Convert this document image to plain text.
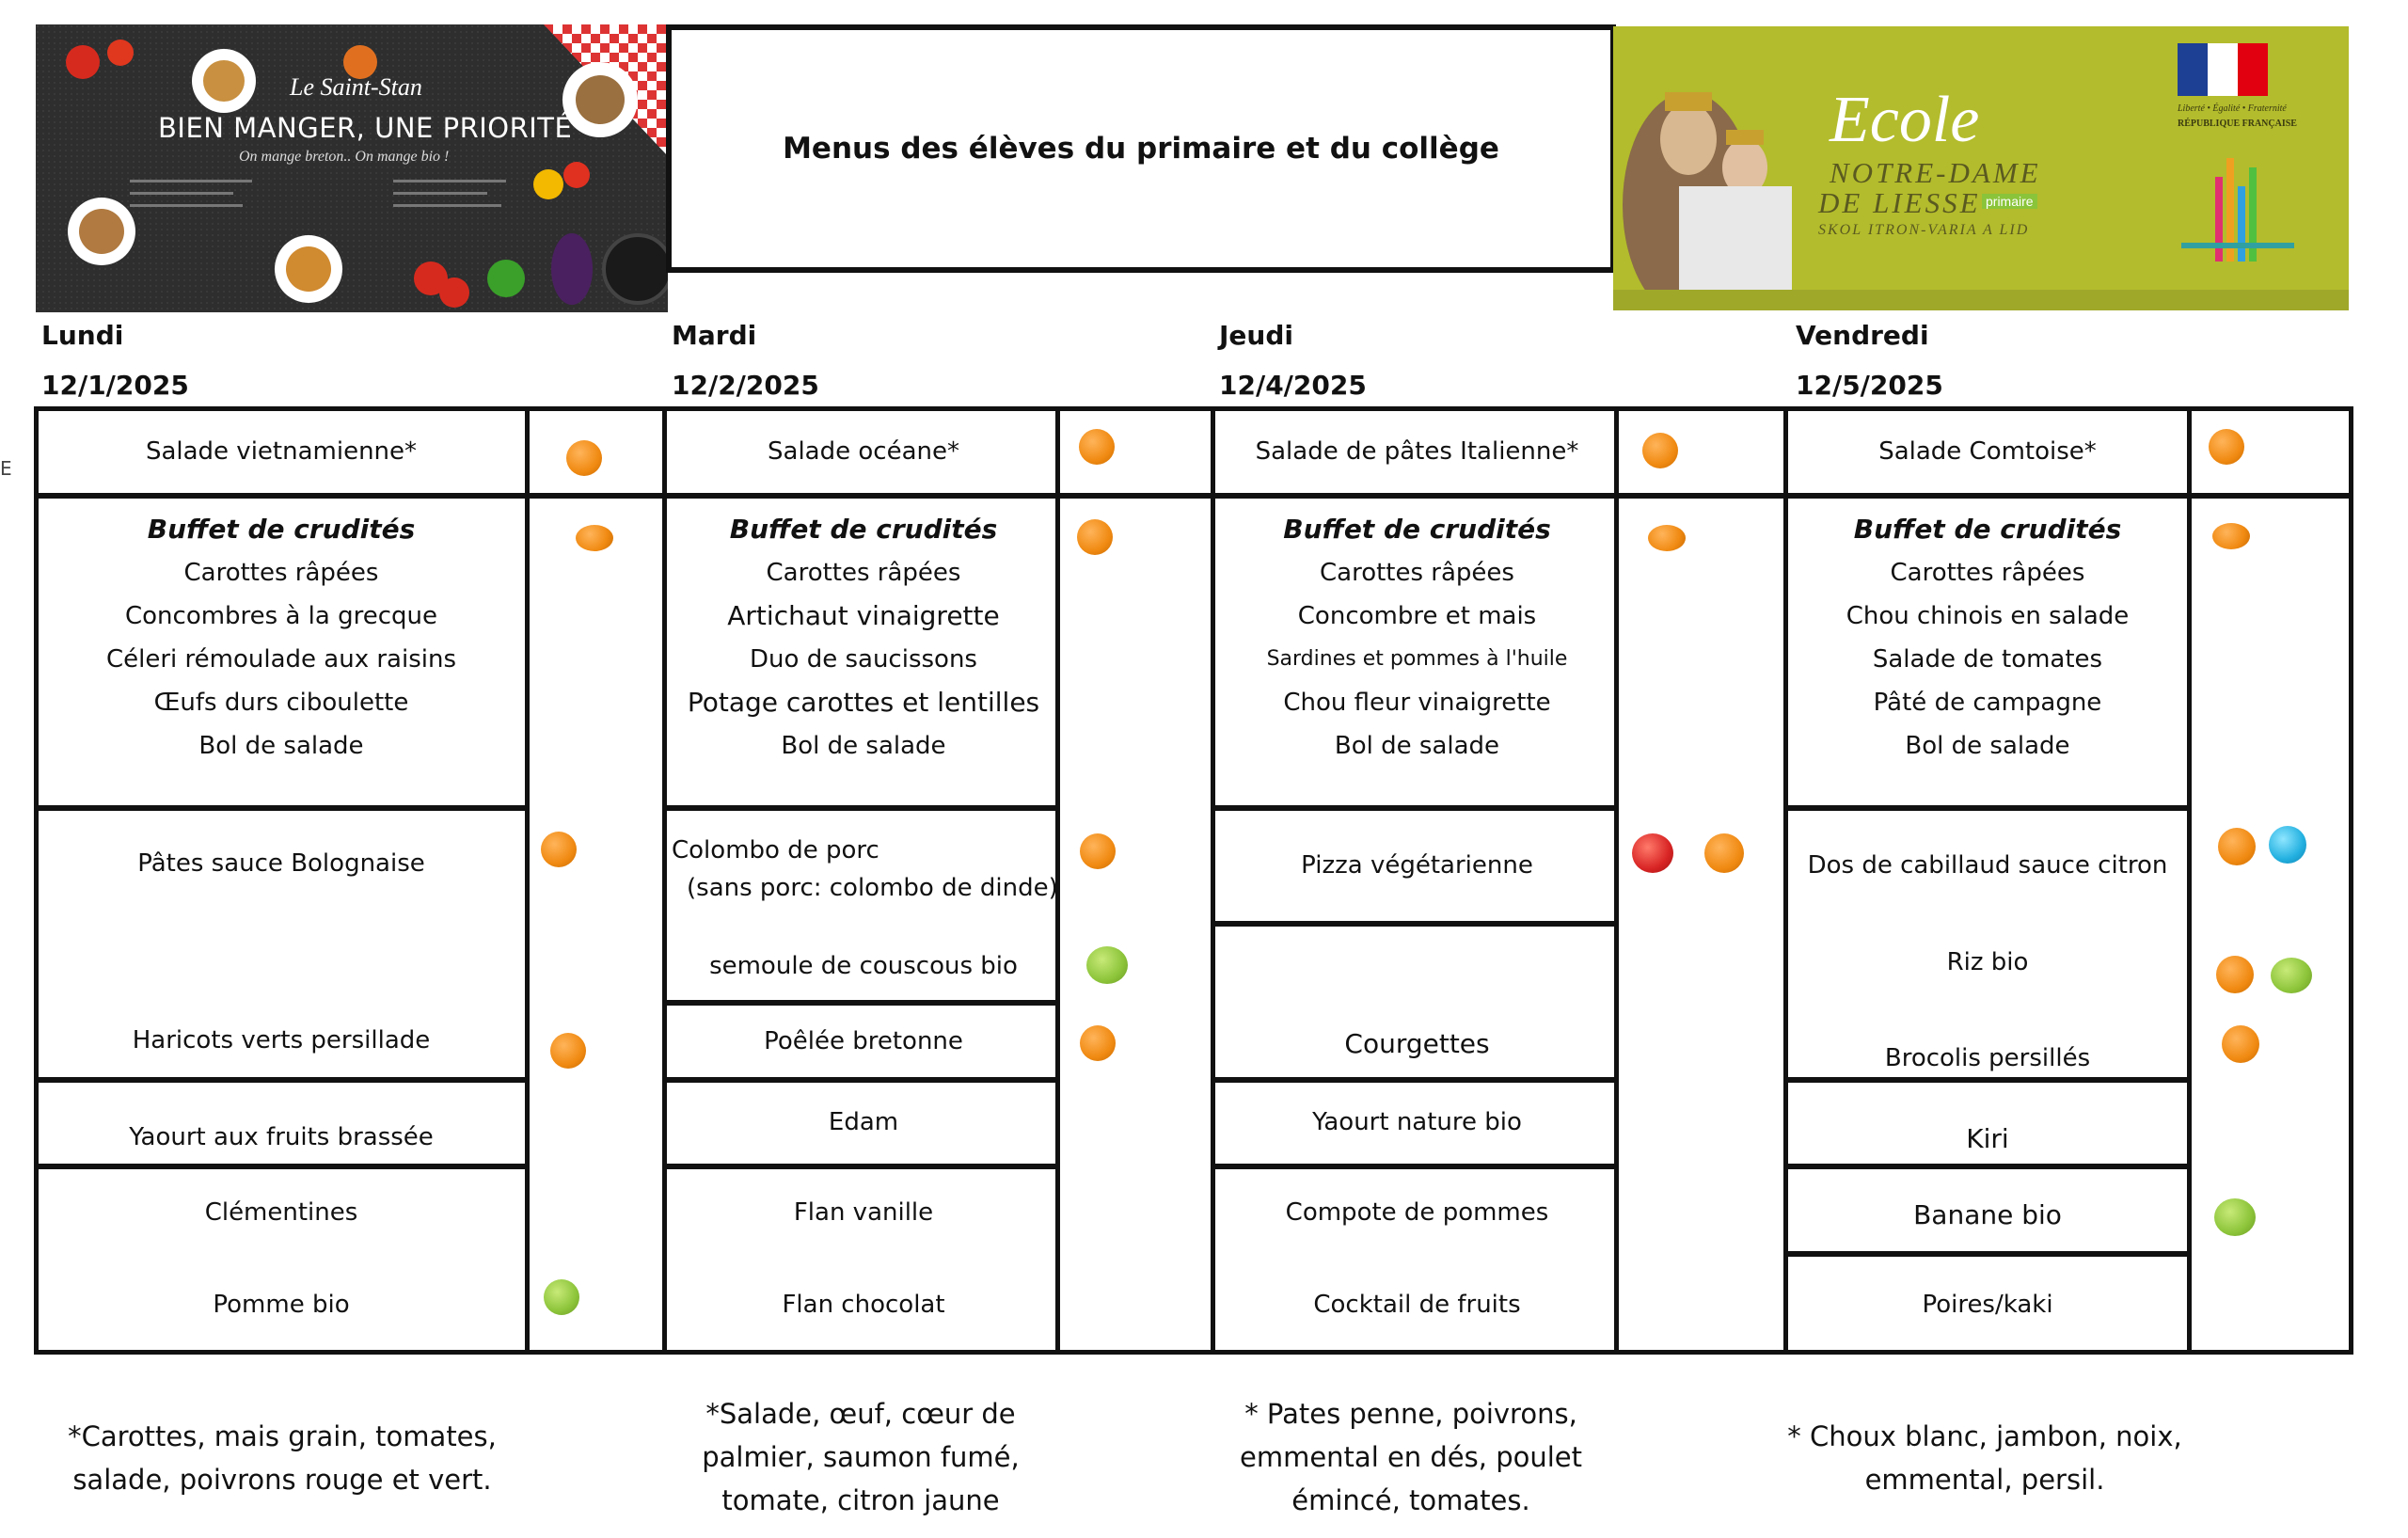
Le Saint-Stan
BIEN MANGER, UNE PRIORITÉ
On mange breton.. On mange bio !	Menus des élèves du primaire et du collège	Ecole
NOTRE-DAME
DE LIESSE primaire
SKOL ITRON-VARIA A LID
Liberté • Égalité • Fraternité
RÉPUBLIQUE FRANÇAISE
Lundi
12/1/2025
Mardi
12/2/2025
Jeudi
12/4/2025
Vendredi
12/5/2025
E
Salade vietnamienne*
Buffet de crudités
Carottes râpées
Concombres à la grecque
Céleri rémoulade aux raisins
Œufs durs ciboulette
Bol de salade
Pâtes sauce Bolognaise
Haricots verts persillade
Yaourt aux fruits brassée
Clémentines
Pomme bio
Salade océane*
Buffet de crudités
Carottes râpées
Artichaut vinaigrette
Duo de saucissons
Potage carottes et lentilles
Bol de salade
Colombo de porc
(sans porc: colombo de dinde)
semoule de couscous bio
Poêlée bretonne
Edam
Flan vanille
Flan chocolat
Salade de pâtes Italienne*
Buffet de crudités
Carottes râpées
Concombre et mais
Sardines et pommes à l'huile
Chou fleur vinaigrette
Bol de salade
Pizza végétarienne
Courgettes
Yaourt nature bio
Compote de pommes
Cocktail de fruits
Salade Comtoise*
Buffet de crudités
Carottes râpées
Chou chinois en salade
Salade de tomates
Pâté de campagne
Bol de salade
Dos de cabillaud sauce citron
Riz bio
Brocolis persillés
Kiri
Banane bio
Poires/kaki
*Carottes, mais grain, tomates,
salade, poivrons rouge et vert.
*Salade, œuf, cœur de
palmier, saumon fumé,
tomate, citron jaune
* Pates penne, poivrons,
emmental en dés, poulet
émincé, tomates.
* Choux blanc, jambon, noix,
emmental, persil.
